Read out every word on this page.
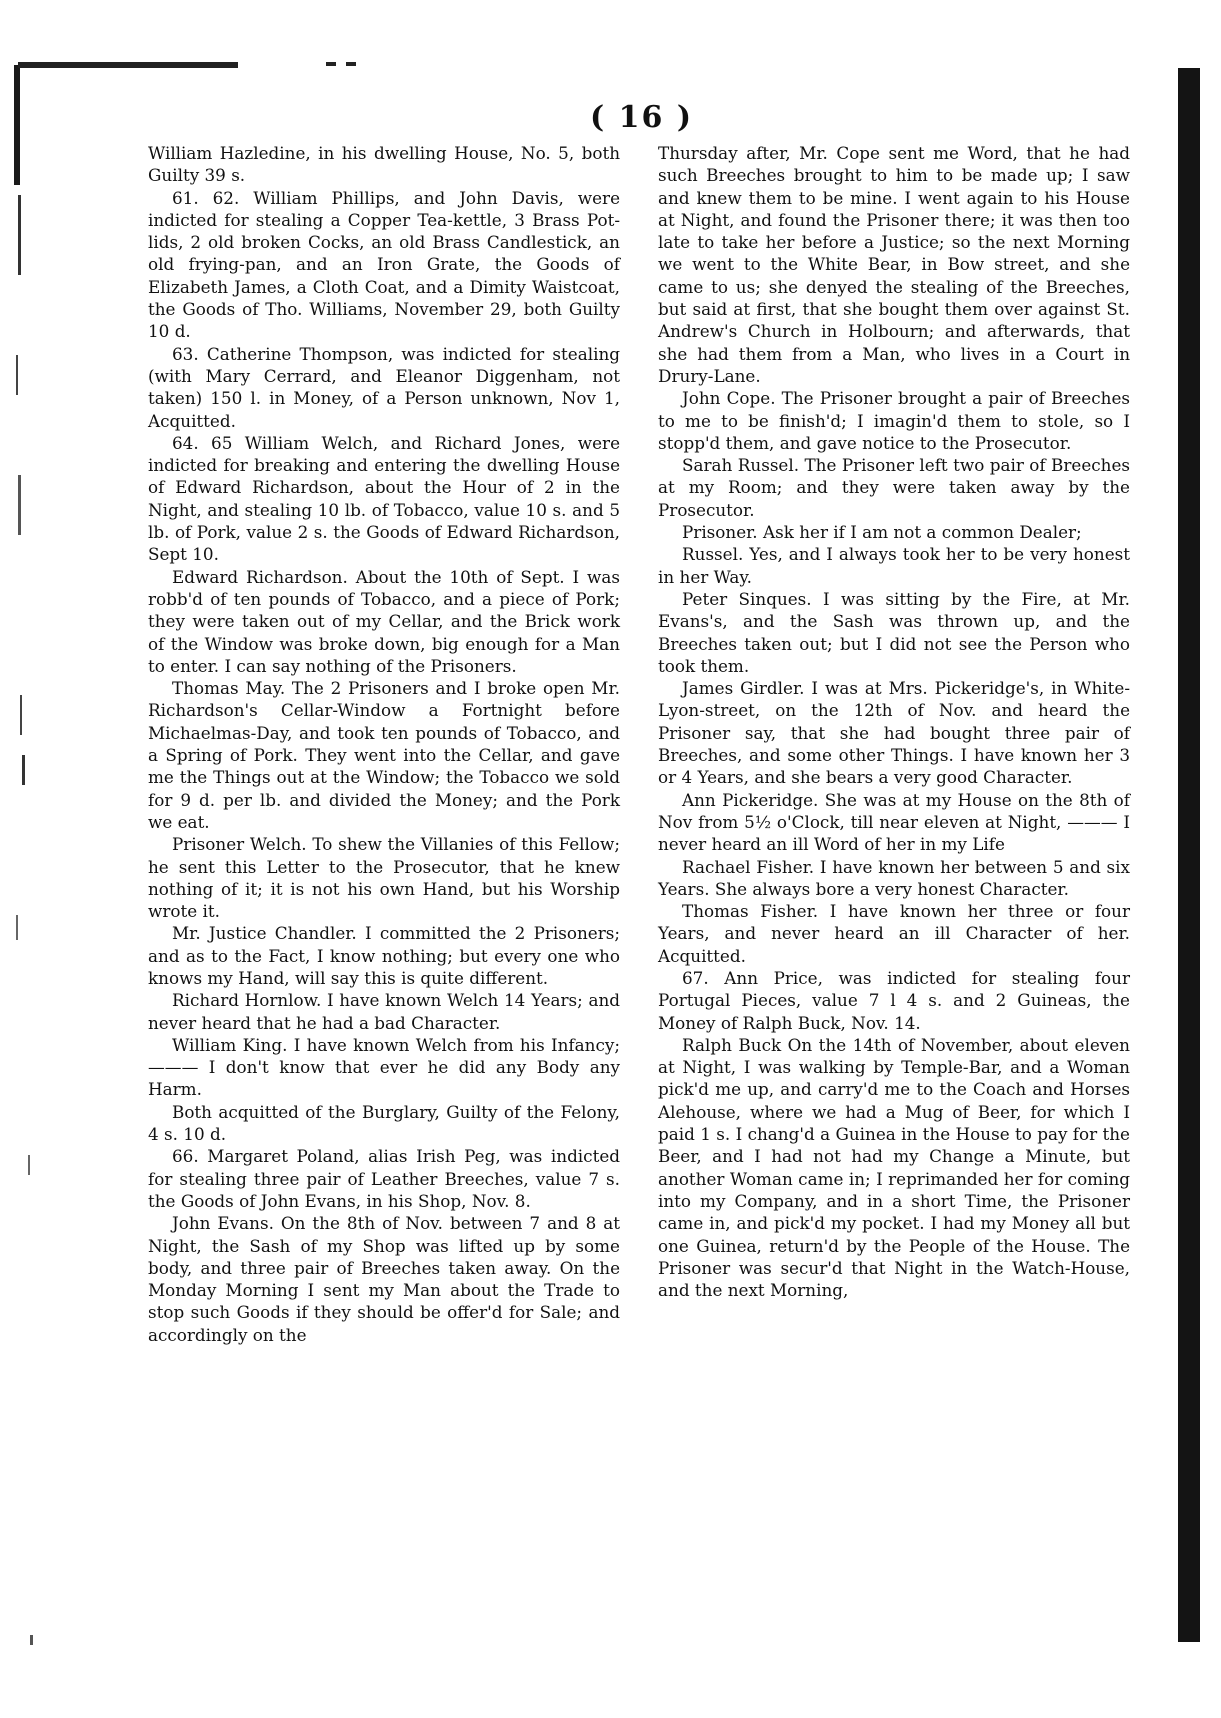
( 16 )

William Hazledine, in his dwelling House, No. 5, both Guilty 39 s.

61. 62. William Phillips, and John Davis, were indicted for stealing a Copper Tea-kettle, 3 Brass Pot-lids, 2 old broken Cocks, an old Brass Candlestick, an old frying-pan, and an Iron Grate, the Goods of Elizabeth James, a Cloth Coat, and a Dimity Waistcoat, the Goods of Tho. Williams, November 29, both Guilty 10 d.

63. Catherine Thompson, was indicted for stealing (with Mary Cerrard, and Eleanor Diggenham, not taken) 150 l. in Money, of a Person unknown, Nov 1, Acquitted.

64. 65 William Welch, and Richard Jones, were indicted for breaking and entering the dwelling House of Edward Richardson, about the Hour of 2 in the Night, and stealing 10 lb. of Tobacco, value 10 s. and 5 lb. of Pork, value 2 s. the Goods of Edward Richardson, Sept 10.

Edward Richardson. About the 10th of Sept. I was robb'd of ten pounds of Tobacco, and a piece of Pork; they were taken out of my Cellar, and the Brick work of the Window was broke down, big enough for a Man to enter. I can say nothing of the Prisoners.

Thomas May. The 2 Prisoners and I broke open Mr. Richardson's Cellar-Window a Fortnight before Michaelmas-Day, and took ten pounds of Tobacco, and a Spring of Pork. They went into the Cellar, and gave me the Things out at the Window; the Tobacco we sold for 9 d. per lb. and divided the Money; and the Pork we eat.

Prisoner Welch. To shew the Villanies of this Fellow; he sent this Letter to the Prosecutor, that he knew nothing of it; it is not his own Hand, but his Worship wrote it.

Mr. Justice Chandler. I committed the 2 Prisoners; and as to the Fact, I know nothing; but every one who knows my Hand, will say this is quite different.

Richard Hornlow. I have known Welch 14 Years; and never heard that he had a bad Character.

William King. I have known Welch from his Infancy; ——— I don't know that ever he did any Body any Harm.

Both acquitted of the Burglary, Guilty of the Felony, 4 s. 10 d.

66. Margaret Poland, alias Irish Peg, was indicted for stealing three pair of Leather Breeches, value 7 s. the Goods of John Evans, in his Shop, Nov. 8.

John Evans. On the 8th of Nov. between 7 and 8 at Night, the Sash of my Shop was lifted up by some body, and three pair of Breeches taken away. On the Monday Morning I sent my Man about the Trade to stop such Goods if they should be offer'd for Sale; and accordingly on the

Thursday after, Mr. Cope sent me Word, that he had such Breeches brought to him to be made up; I saw and knew them to be mine. I went again to his House at Night, and found the Prisoner there; it was then too late to take her before a Justice; so the next Morning we went to the White Bear, in Bow street, and she came to us; she denyed the stealing of the Breeches, but said at first, that she bought them over against St. Andrew's Church in Holbourn; and afterwards, that she had them from a Man, who lives in a Court in Drury-Lane.

John Cope. The Prisoner brought a pair of Breeches to me to be finish'd; I imagin'd them to stole, so I stopp'd them, and gave notice to the Prosecutor.

Sarah Russel. The Prisoner left two pair of Breeches at my Room; and they were taken away by the Prosecutor.

Prisoner. Ask her if I am not a common Dealer;

Russel. Yes, and I always took her to be very honest in her Way.

Peter Sinques. I was sitting by the Fire, at Mr. Evans's, and the Sash was thrown up, and the Breeches taken out; but I did not see the Person who took them.

James Girdler. I was at Mrs. Pickeridge's, in White-Lyon-street, on the 12th of Nov. and heard the Prisoner say, that she had bought three pair of Breeches, and some other Things. I have known her 3 or 4 Years, and she bears a very good Character.

Ann Pickeridge. She was at my House on the 8th of Nov from 5½ o'Clock, till near eleven at Night, ——— I never heard an ill Word of her in my Life

Rachael Fisher. I have known her between 5 and six Years. She always bore a very honest Character.

Thomas Fisher. I have known her three or four Years, and never heard an ill Character of her. Acquitted.

67. Ann Price, was indicted for stealing four Portugal Pieces, value 7 l 4 s. and 2 Guineas, the Money of Ralph Buck, Nov. 14.

Ralph Buck On the 14th of November, about eleven at Night, I was walking by Temple-Bar, and a Woman pick'd me up, and carry'd me to the Coach and Horses Alehouse, where we had a Mug of Beer, for which I paid 1 s. I chang'd a Guinea in the House to pay for the Beer, and I had not had my Change a Minute, but another Woman came in; I reprimanded her for coming into my Company, and in a short Time, the Prisoner came in, and pick'd my pocket. I had my Money all but one Guinea, return'd by the People of the House. The Prisoner was secur'd that Night in the Watch-House, and the next Morning,
